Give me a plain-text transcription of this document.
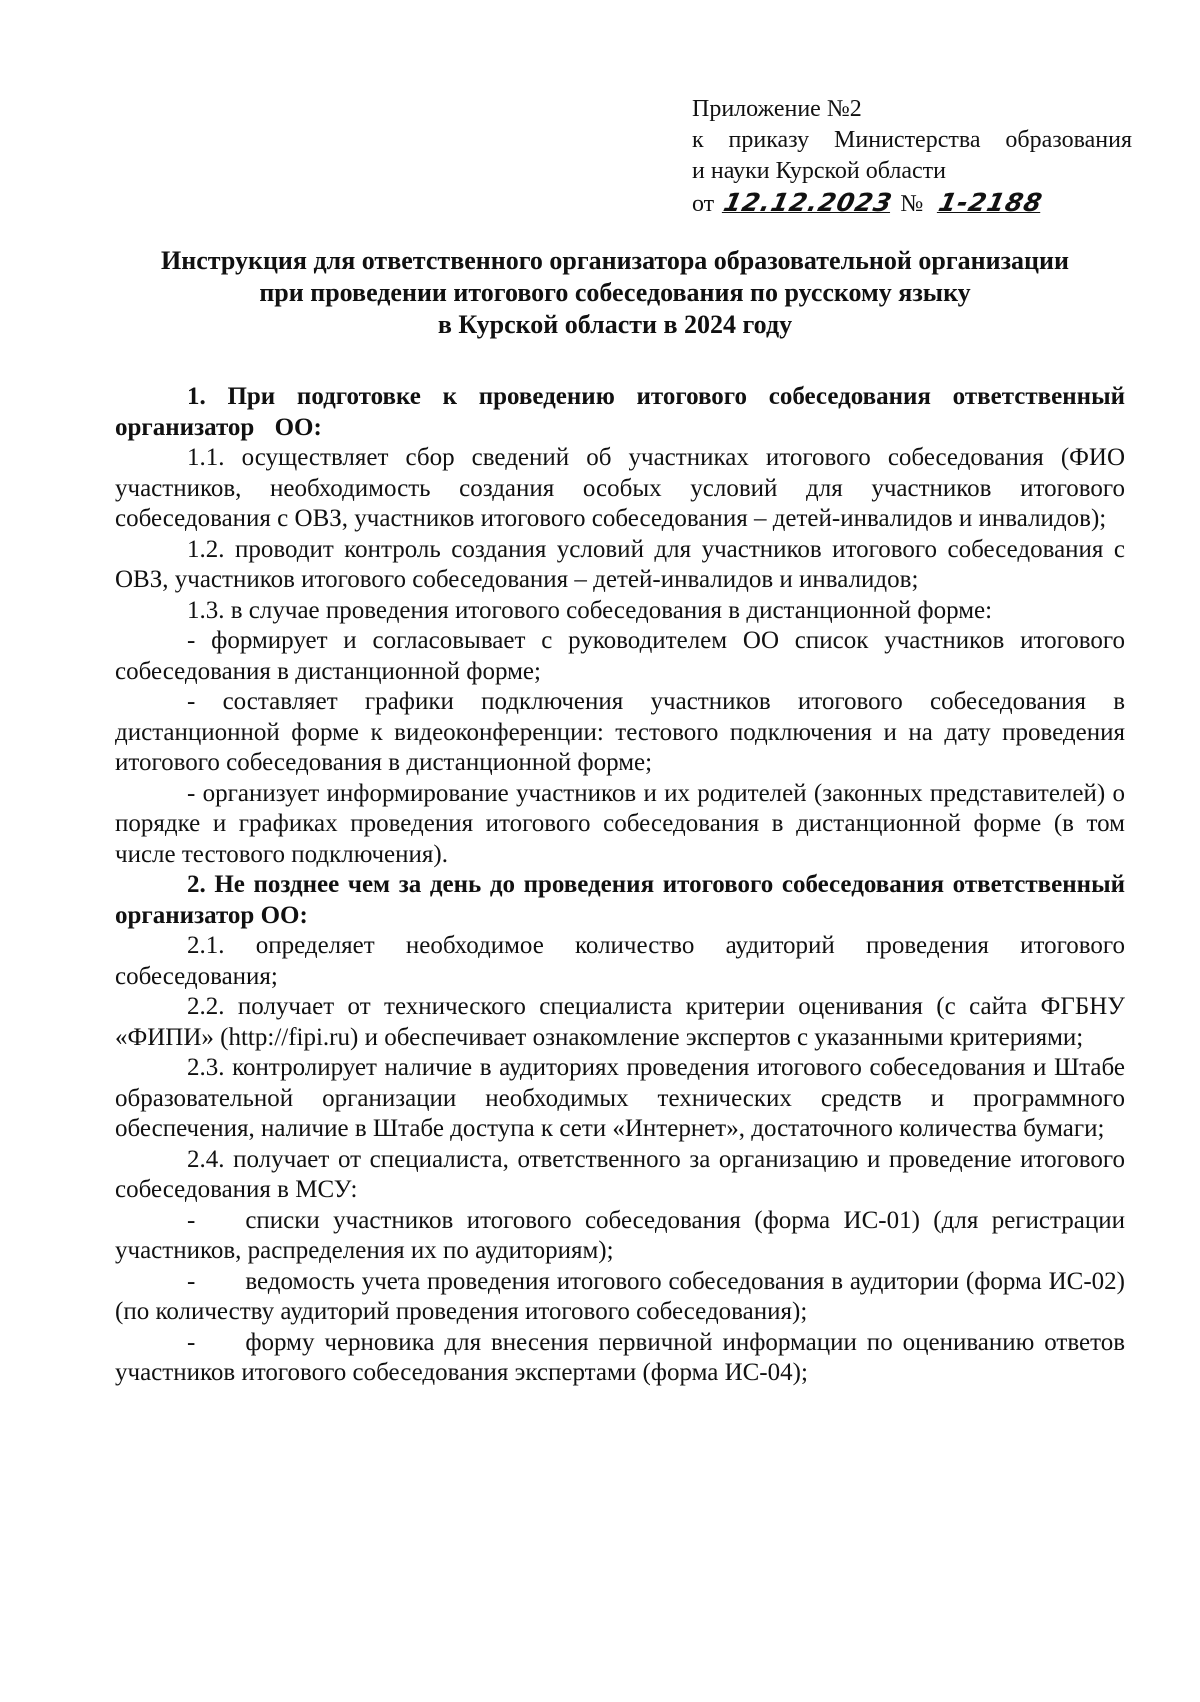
Приложение №2
к приказу Министерства образования
и науки Курской области
от 12.12.2023 № 1-2188
Инструкция для ответственного организатора образовательной организации
при проведении итогового собеседования по русскому языку
в Курской области в 2024 году

1. При подготовке к проведению итогового собеседования ответственный организатор ОО:

1.1. осуществляет сбор сведений об участниках итогового собеседования (ФИО участников, необходимость создания особых условий для участников итогового собеседования с ОВЗ, участников итогового собеседования – детей-инвалидов и инвалидов);

1.2. проводит контроль создания условий для участников итогового собеседования с ОВЗ, участников итогового собеседования – детей-инвалидов и инвалидов;

1.3. в случае проведения итогового собеседования в дистанционной форме:

- формирует и согласовывает с руководителем ОО список участников итогового собеседования в дистанционной форме;

- составляет графики подключения участников итогового собеседования в дистанционной форме к видеоконференции: тестового подключения и на дату проведения итогового собеседования в дистанционной форме;

- организует информирование участников и их родителей (законных представителей) о порядке и графиках проведения итогового собеседования в дистанционной форме (в том числе тестового подключения).

2. Не позднее чем за день до проведения итогового собеседования ответственный организатор ОО:

2.1. определяет необходимое количество аудиторий проведения итогового собеседования;

2.2. получает от технического специалиста критерии оценивания (с сайта ФГБНУ «ФИПИ» (http://fipi.ru) и обеспечивает ознакомление экспертов с указанными критериями;

2.3. контролирует наличие в аудиториях проведения итогового собеседования и Штабе образовательной организации необходимых технических средств и программного обеспечения, наличие в Штабе доступа к сети «Интернет», достаточного количества бумаги;

2.4. получает от специалиста, ответственного за организацию и проведение итогового собеседования в МСУ:

-  списки участников итогового собеседования (форма ИС-01) (для регистрации участников, распределения их по аудиториям);

-  ведомость учета проведения итогового собеседования в аудитории (форма ИС-02) (по количеству аудиторий проведения итогового собеседования);

-  форму черновика для внесения первичной информации по оцениванию ответов участников итогового собеседования экспертами (форма ИС-04);
